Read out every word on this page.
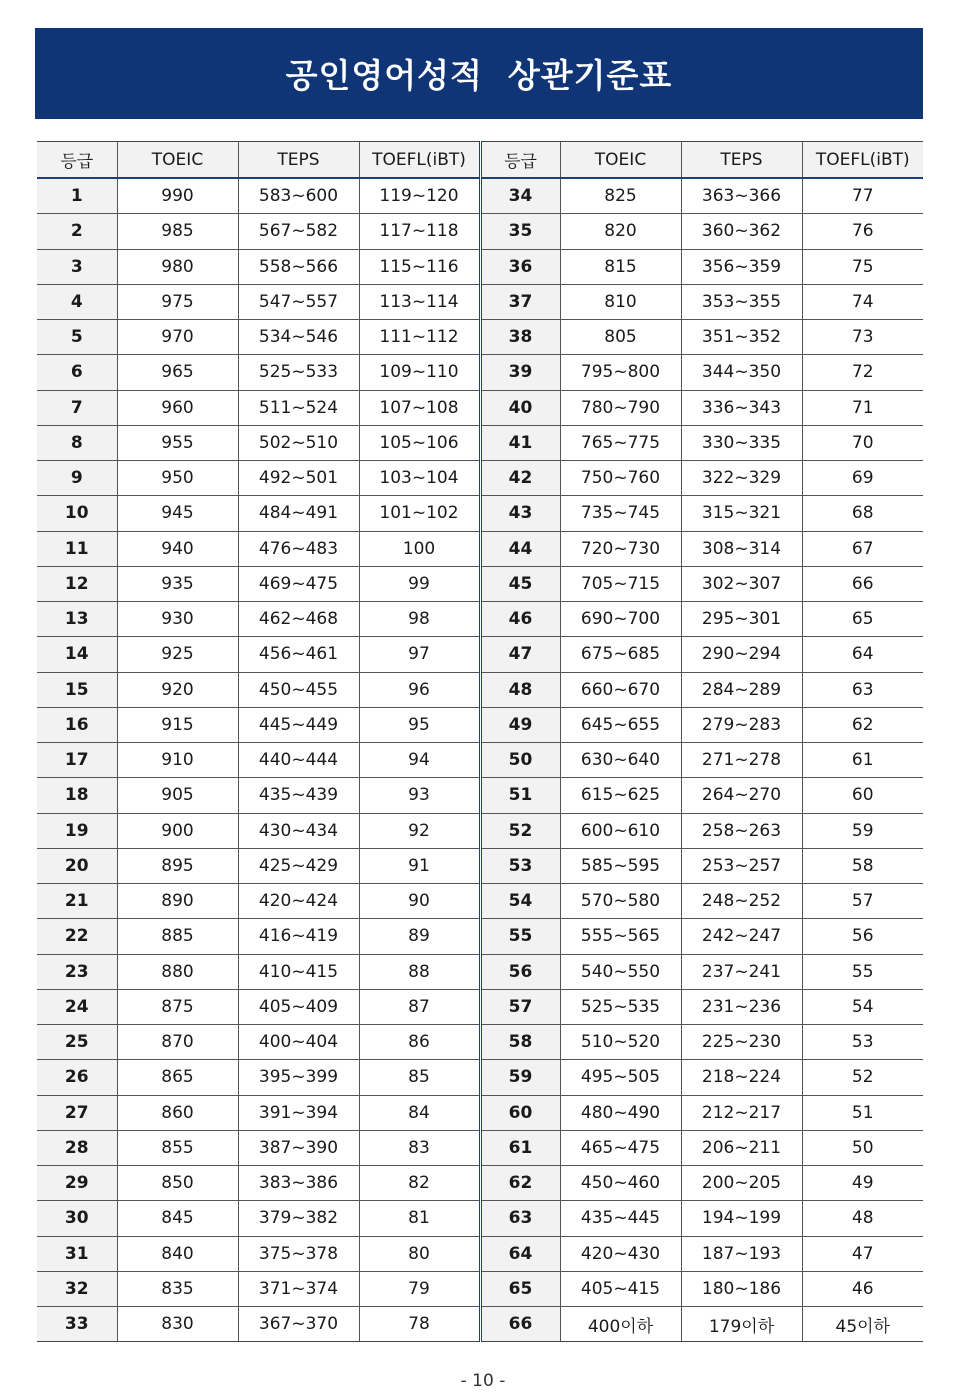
공인영어성적  상관기준표
등급	TOEIC	TEPS	TOEFL(iBT)	등급	TOEIC	TEPS	TOEFL(iBT)
1	990	583~600	119~120	34	825	363~366	77
2	985	567~582	117~118	35	820	360~362	76
3	980	558~566	115~116	36	815	356~359	75
4	975	547~557	113~114	37	810	353~355	74
5	970	534~546	111~112	38	805	351~352	73
6	965	525~533	109~110	39	795~800	344~350	72
7	960	511~524	107~108	40	780~790	336~343	71
8	955	502~510	105~106	41	765~775	330~335	70
9	950	492~501	103~104	42	750~760	322~329	69
10	945	484~491	101~102	43	735~745	315~321	68
11	940	476~483	100	44	720~730	308~314	67
12	935	469~475	99	45	705~715	302~307	66
13	930	462~468	98	46	690~700	295~301	65
14	925	456~461	97	47	675~685	290~294	64
15	920	450~455	96	48	660~670	284~289	63
16	915	445~449	95	49	645~655	279~283	62
17	910	440~444	94	50	630~640	271~278	61
18	905	435~439	93	51	615~625	264~270	60
19	900	430~434	92	52	600~610	258~263	59
20	895	425~429	91	53	585~595	253~257	58
21	890	420~424	90	54	570~580	248~252	57
22	885	416~419	89	55	555~565	242~247	56
23	880	410~415	88	56	540~550	237~241	55
24	875	405~409	87	57	525~535	231~236	54
25	870	400~404	86	58	510~520	225~230	53
26	865	395~399	85	59	495~505	218~224	52
27	860	391~394	84	60	480~490	212~217	51
28	855	387~390	83	61	465~475	206~211	50
29	850	383~386	82	62	450~460	200~205	49
30	845	379~382	81	63	435~445	194~199	48
31	840	375~378	80	64	420~430	187~193	47
32	835	371~374	79	65	405~415	180~186	46
33	830	367~370	78	66	400이하	179이하	45이하
- 10 -
